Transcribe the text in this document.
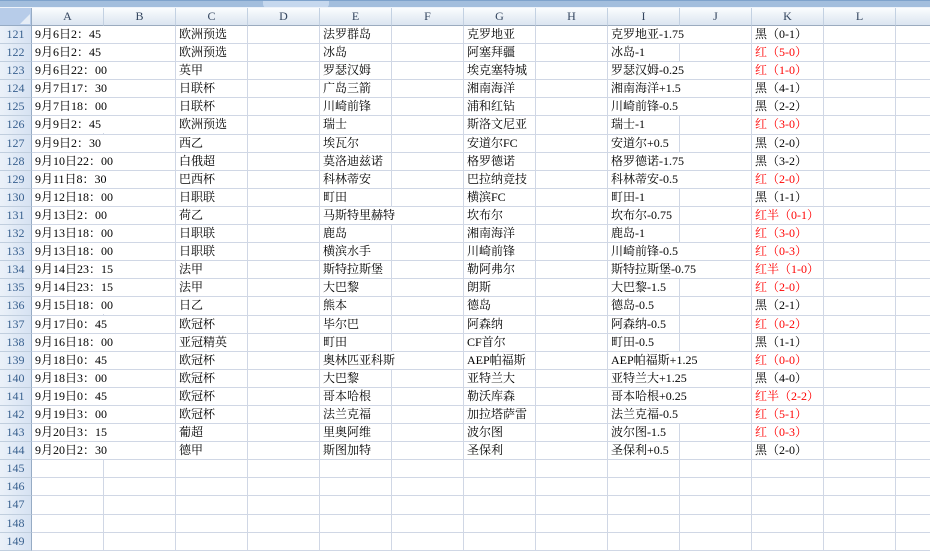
A	B	C	D	E	F	G	H	I	J	K	L
121 9月6日2：45	欧洲预选	法罗群岛	克罗地亚	克罗地亚-1.75	黑（0-1）
122 9月6日2：45	欧洲预选	冰岛	阿塞拜疆	冰岛-1	红（5-0）
123 9月6日22：00	英甲	罗瑟汉姆	埃克塞特城	罗瑟汉姆-0.25	红（1-0）
124 9月7日17：30	日联杯	广岛三箭	湘南海洋	湘南海洋+1.5	黑（4-1）
125 9月7日18：00	日联杯	川崎前锋	浦和红钻	川崎前锋-0.5	黑（2-2）
126 9月9日2：45	欧洲预选	瑞士	斯洛文尼亚	瑞士-1	红（3-0）
127 9月9日2：30	西乙	埃瓦尔	安道尔FC	安道尔+0.5	黑（2-0）
128 9月10日22：00	白俄超	莫洛迪兹诺	格罗德诺	格罗德诺-1.75	黑（3-2）
129 9月11日8：30	巴西杯	科林蒂安	巴拉纳竞技	科林蒂安-0.5	红（2-0）
130 9月12日18：00	日职联	町田	横滨FC	町田-1	黑（1-1）
131 9月13日2：00	荷乙	马斯特里赫特	坎布尔	坎布尔-0.75	红半（0-1）
132 9月13日18：00	日职联	鹿岛	湘南海洋	鹿岛-1	红（3-0）
133 9月13日18：00	日职联	横滨水手	川崎前锋	川崎前锋-0.5	红（0-3）
134 9月14日23：15	法甲	斯特拉斯堡	勒阿弗尔	斯特拉斯堡-0.75	红半（1-0）
135 9月14日23：15	法甲	大巴黎	朗斯	大巴黎-1.5	红（2-0）
136 9月15日18：00	日乙	熊本	德岛	德岛-0.5	黑（2-1）
137 9月17日0：45	欧冠杯	毕尔巴	阿森纳	阿森纳-0.5	红（0-2）
138 9月16日18：00	亚冠精英	町田	CF首尔	町田-0.5	黑（1-1）
139 9月18日0：45	欧冠杯	奥林匹亚科斯	AEP帕福斯	AEP帕福斯+1.25	红（0-0）
140 9月18日3：00	欧冠杯	大巴黎	亚特兰大	亚特兰大+1.25	黑（4-0）
141 9月19日0：45	欧冠杯	哥本哈根	勒沃库森	哥本哈根+0.25	红半（2-2）
142 9月19日3：00	欧冠杯	法兰克福	加拉塔萨雷	法兰克福-0.5	红（5-1）
143 9月20日3：15	葡超	里奥阿维	波尔图	波尔图-1.5	红（0-3）
144 9月20日2：30	德甲	斯图加特	圣保利	圣保利+0.5	黑（2-0）
145
146
147
148
149
